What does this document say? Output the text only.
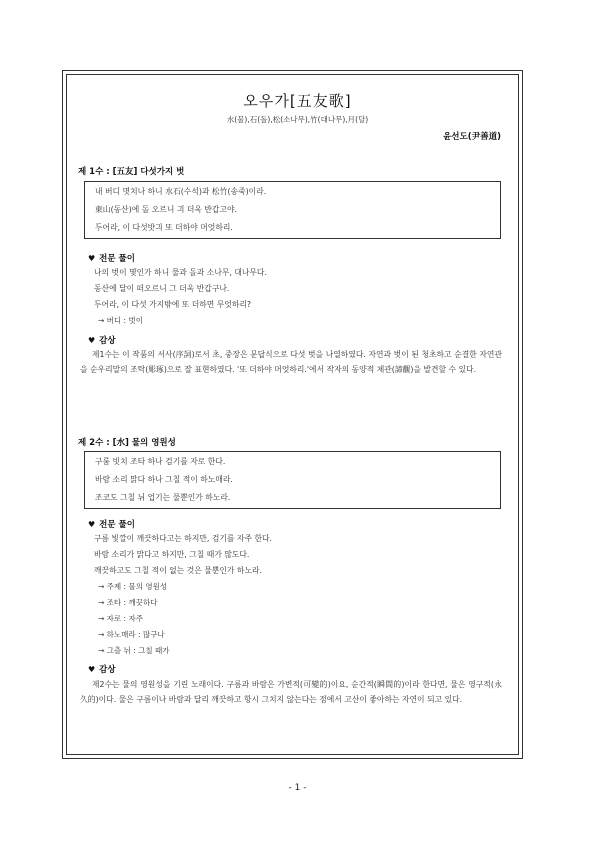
오우가[五友歌]
水(물),石(돌),松(소나무),竹(대나무),月(달)
윤선도(尹善道)
제 1수 : [五友] 다섯가지 벗
내 버디 몃치나 하니 水石(수석)과 松竹(송죽)이라.
東山(동산)에 돌 오르니 긔 더욱 반갑고야.
두어라, 이 다섯밧긔 또 더하야 머엇하리.
♥ 전문 풀이
나의 벗이 몇인가 하니 물과 돌과 소나무, 대나무다.
동산에 달이 떠오르니 그 더욱 반갑구나.
두어라, 이 다섯 가지밖에 또 더하면 무엇하리?
→ 버디 : 벗이
♥ 감상

제1수는 이 작품의 서사(序詞)로서 초, 중장은 문답식으로 다섯 벗을 나열하였다. 자연과 벗이 된 청초하고 순결한 자연관을 순우리말의 조탁(彫琢)으로 잘 표현하였다. '또 더하야 머엇하리.'에서 작자의 동양적 체관(諦觀)을 발견할 수 있다.

제 2수 : [水] 물의 영원성
구룸 빗치 조타 하나 검기를 자로 한다.
바람 소리 맑다 하나 그칠 적이 하노매라.
조코도 그칠 뉘 업기는 물뿐인가 하노라.
♥ 전문 풀이
구름 빛깔이 깨끗하다고는 하지만, 검기를 자주 한다.
바람 소리가 맑다고 하지만, 그칠 때가 많도다.
깨끗하고도 그칠 적이 없는 것은 물뿐인가 하노라.
→ 주제 : 물의 영원성
→ 조타 : 깨끗하다
→ 자로 : 자주
→ 하노매라 : 많구나
→ 그츨 뉘 : 그칠 때가
♥ 감상

제2수는 물의 영원성을 기린 노래이다. 구름과 바람은 가변적(可變的)이요, 순간적(瞬間的)이라 한다면, 물은 영구적(永久的)이다. 물은 구름이나 바람과 달리 깨끗하고 항시 그치지 않는다는 점에서 고산이 좋아하는 자연이 되고 있다.

- 1 -
